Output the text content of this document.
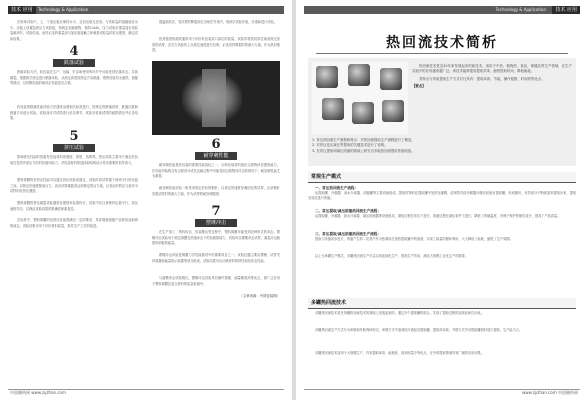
技术 应用	Technology & Application

在堆垛试验中，上、下加压板应保持水平，且加压板无变形。与试验袋的接触面应水平。压板上设置袋的压力试验板，按规定加载重物。保持144h，压力试验后重量加至试验袋破坏时，试验结束。此时记录的重量加与加压板接触之和就是试验袋的抗压强度，确定试验结果。

4
跌落试验

跌落试验方法，软包装在生产、运输、贮存和使用等环节中可能受到坠落冲击，导致破裂。根据相关规定进行跌落试验，从规定高度按规定方向跌落，观察包装有无破损、泄漏等情况，以判断包装的耐冲击性能是否合格。

软包装的跌落性能试验方法通常参照相关标准进行，按规定的跌落高度、跌落次数和跌落方向进行试验。试验前应对试样进行状态调节，试验后检查试样的破损情况并记录结果。

5
挤压试验

影响挤压性能的因素有包装材料的强度、厚度、结构等。挤压试验主要用于测定软包装在受到外部压力时的抗破坏能力，对包装材料的选择和结构设计具有重要的指导意义。

塑料薄膜的抗挤压性能可以通过挤压试验来测定，试验时将试样置于两块平行的压板之间，以规定的速度施加压力，直至试样破裂或达到规定的压力值，记录此时的压力值作为试样的抗挤压强度。

塑料薄膜的挤压破裂试验通常参照国家标准执行，试验中应注意保持压板平行，加压速度均匀，以保证试验结果的准确性和重复性。

在标准中，塑料薄膜的抗挤压性能需满足一定的要求，具体数值根据产品的用途和规格而定。试验结果可用于评价材料质量，指导生产工艺的改进。

提温测试法，若试样的断裂部位出现在夹具内，则该次试验作废，应重新进行试验。

热封强度的测试通常用于评价软包装封口部位的质量。试验时将热封部位裁成规定宽度的试样，在拉力试验机上以规定速度进行拉伸，记录试样断裂时的最大力值，作为热封强度。

6
耐穿刺性能

耐穿刺性能是软包装的重要性能指标之一，反映包装材料抵抗尖锐物体穿透的能力。在包装内装物含有尖锐部分或在运输过程中可能受到尖锐物体冲击的情况下，耐穿刺性能尤为重要。

耐穿刺性能试验一般采用规定形状的钢针，以规定的速度穿刺固定的试样，记录钢针穿透试样时的最大力值，作为试样的耐穿刺强度。

7
摆锤冲击

在生产加工、物料转运、包装搬运等过程中，塑料薄膜可能受到各种形式的冲击。摆锤冲击试验用于测定薄膜在高速冲击下的抗破损能力，试验时以摆锤冲击试样，测量冲击破损所消耗的能量。

摆锤冲击试验是薄膜力学性能测试中的重要项目之一。试验仪器主要由摆锤、试样夹持装置和能量指示装置等部分组成。试验结果可以反映材料的韧性和抗冲击性能。

与落镖冲击试验相比，摆锤冲击试验具有操作简便、测量精度高等优点，被广泛应用于塑料薄膜及复合材料的质量检测中。

（文章来源：中国包装网）
中国制药网 www.zyzhan.com
Technology & Application	技术 应用
热回流技术简析

热回流技术是近20年来发展起来的新技术，适用于中药、植物药、食品、保健品等生产领域，在生产实践中的应用越来越广泛。该技术能够提高提取效率，缩短提取时间，降低能耗。

其特点与传统提取生产方式对比具有：提取率高、节能、操作便捷、时间短等优点。

【要点】

1. 常压热回流生产流程和特点：对热回流提取生产流程进行了概述。
2. 对常压变压减压等提取的关键技术进行了说明。
3. 在常压提取和减压浓缩的基础上研究出多能热回流提取浓缩机组。
常规生产模式
一、常压热回流生产流程：

由提取罐、冷凝器、油水分离器、浓缩罐等主要设备组成，提取时物料在提取罐中加热至沸腾，溶剂蒸汽经冷凝器冷凝后回流至提取罐，形成循环，有效成分不断被溶剂提取出来，提取完成后进行浓缩。

二、常压提取/减压浓缩热回流生产流程：

由提取罐、冷凝器、油水分离器、减压浓缩器等设备组成，提取过程在常压下进行，浓缩过程在减压条件下进行，降低了浓缩温度，有利于保护热敏性成分，提高了产品质量。

三、常压提取/减压浓缩热回流生产流程：

提取与浓缩同步进行，浓缩产生的二次蒸汽作为热源再次加热提取罐中的溶剂，实现了能量的循环利用，大大降低了能耗，缩短了生产周期。

以上为单罐生产模式，多罐热回流生产可以实现连续化生产，提高生产效率，满足大规模工业化生产的需要。

多罐热回流技术

多罐热回流技术是在单罐热回流技术的基础上发展起来的，通过多个提取罐的组合，实现了提取过程的连续化和自动化。

多罐热回流生产方式分为串联和并联两种形式。串联方式中溶剂依次流经各提取罐，提取效率高；并联方式中各提取罐同时进行提取，生产能力大。

多罐热回流技术适用于大规模生产，具有提取率高、能耗低、溶剂用量少等优点，在中药提取领域具有广阔的应用前景。

www.zyzhan.com 中国制药网
